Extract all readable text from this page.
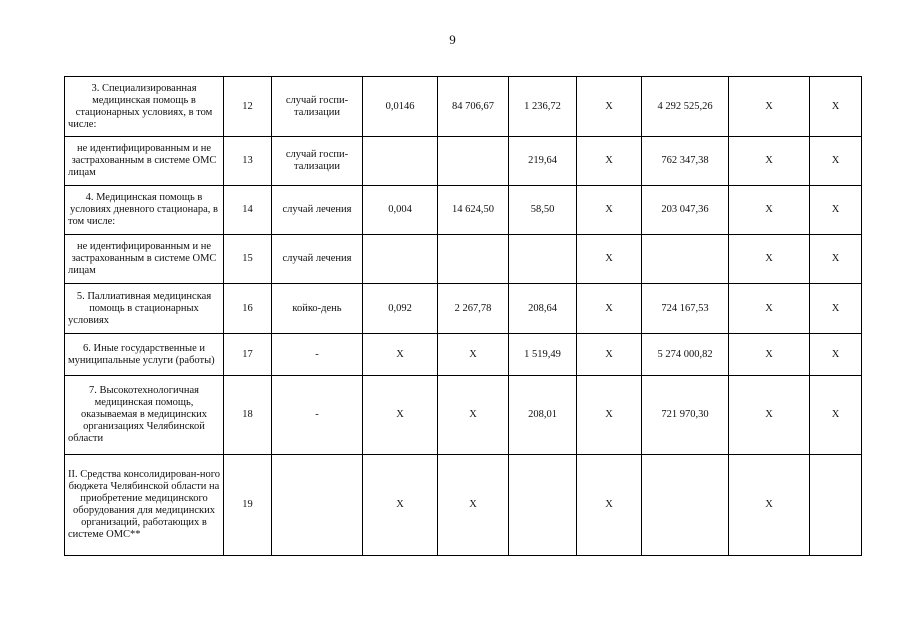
9
3. Специализированная медицинская помощь в стационарных условиях, в том числе:	12	случай госпи-тализации	0,0146	84 706,67	1 236,72	X	4 292 525,26	X	X
не идентифицированным и не застрахованным в системе ОМС лицам	13	случай госпи-тализации			219,64	X	762 347,38	X	X
4. Медицинская помощь в условиях дневного стационара, в том числе:	14	случай лечения	0,004	14 624,50	58,50	X	203 047,36	X	X
не идентифицированным и не застрахованным в системе ОМС лицам	15	случай лечения				X		X	X
5. Паллиативная медицинская помощь в стационарных условиях	16	койко-день	0,092	2 267,78	208,64	X	724 167,53	X	X
6. Иные государственные и муниципальные услуги (работы)	17	-	X	X	1 519,49	X	5 274 000,82	X	X
7. Высокотехнологичная медицинская помощь, оказываемая в медицинских организациях Челябинской области	18	-	X	X	208,01	X	721 970,30	X	X
II. Средства консолидирован-ного бюджета Челябинской области на приобретение медицинского оборудования для медицинских организаций, работающих в системе ОМС**	19		X	X		X		X	
